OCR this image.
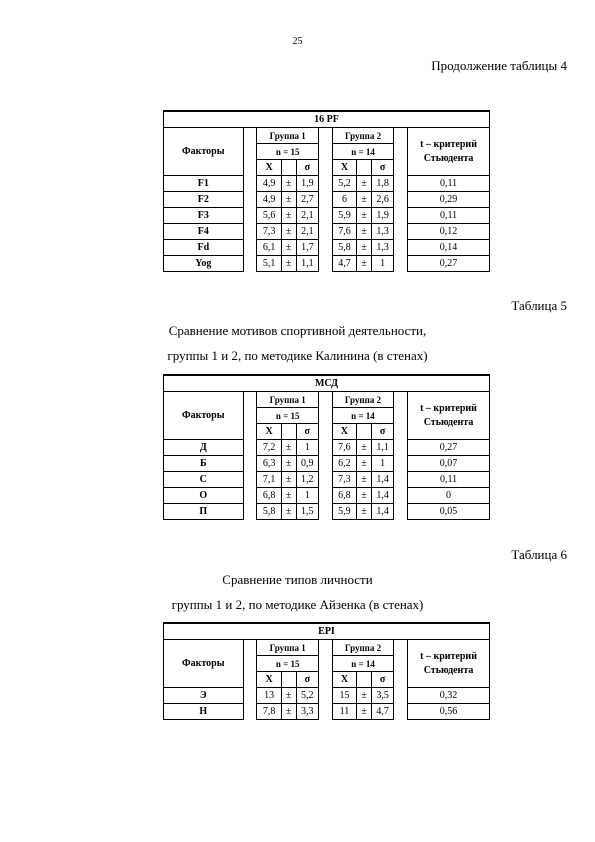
25
Продолжение таблицы 4
16 PF										
Факторы		Группа 1				Группа 2				t – критерий Стьюдента
		n = 15				n = 14				
		X		σ		X		σ		
F1		4,9	±	1,9		5,2	±	1,8		0,11
F2		4,9	±	2,7		6	±	2,6		0,29
F3		5,6	±	2,1		5,9	±	1,9		0,11
F4		7,3	±	2,1		7,6	±	1,3		0,12
Fd		6,1	±	1,7		5,8	±	1,3		0,14
Yog		5,1	±	1,1		4,7	±	1		0,27
Таблица 5
Сравнение мотивов спортивной деятельности,
группы 1 и 2, по методике Калинина (в стенах)
МСД										
Факторы		Группа 1				Группа 2				t – критерий Стьюдента
		n = 15				n = 14				
		X		σ		X		σ		
Д		7,2	±	1		7,6	±	1,1		0,27
Б		6,3	±	0,9		6,2	±	1		0,07
С		7,1	±	1,2		7,3	±	1,4		0,11
О		6,8	±	1		6,8	±	1,4		0
П		5,8	±	1,5		5,9	±	1,4		0,05
Таблица 6
Сравнение типов личности
группы 1 и 2, по методике Айзенка (в стенах)
EPI										
Факторы		Группа 1				Группа 2				t – критерий Стьюдента
		n = 15				n = 14				
		X		σ		X		σ		
Э		13	±	5,2		15	±	3,5		0,32
Н		7,8	±	3,3		11	±	4,7		0,56
